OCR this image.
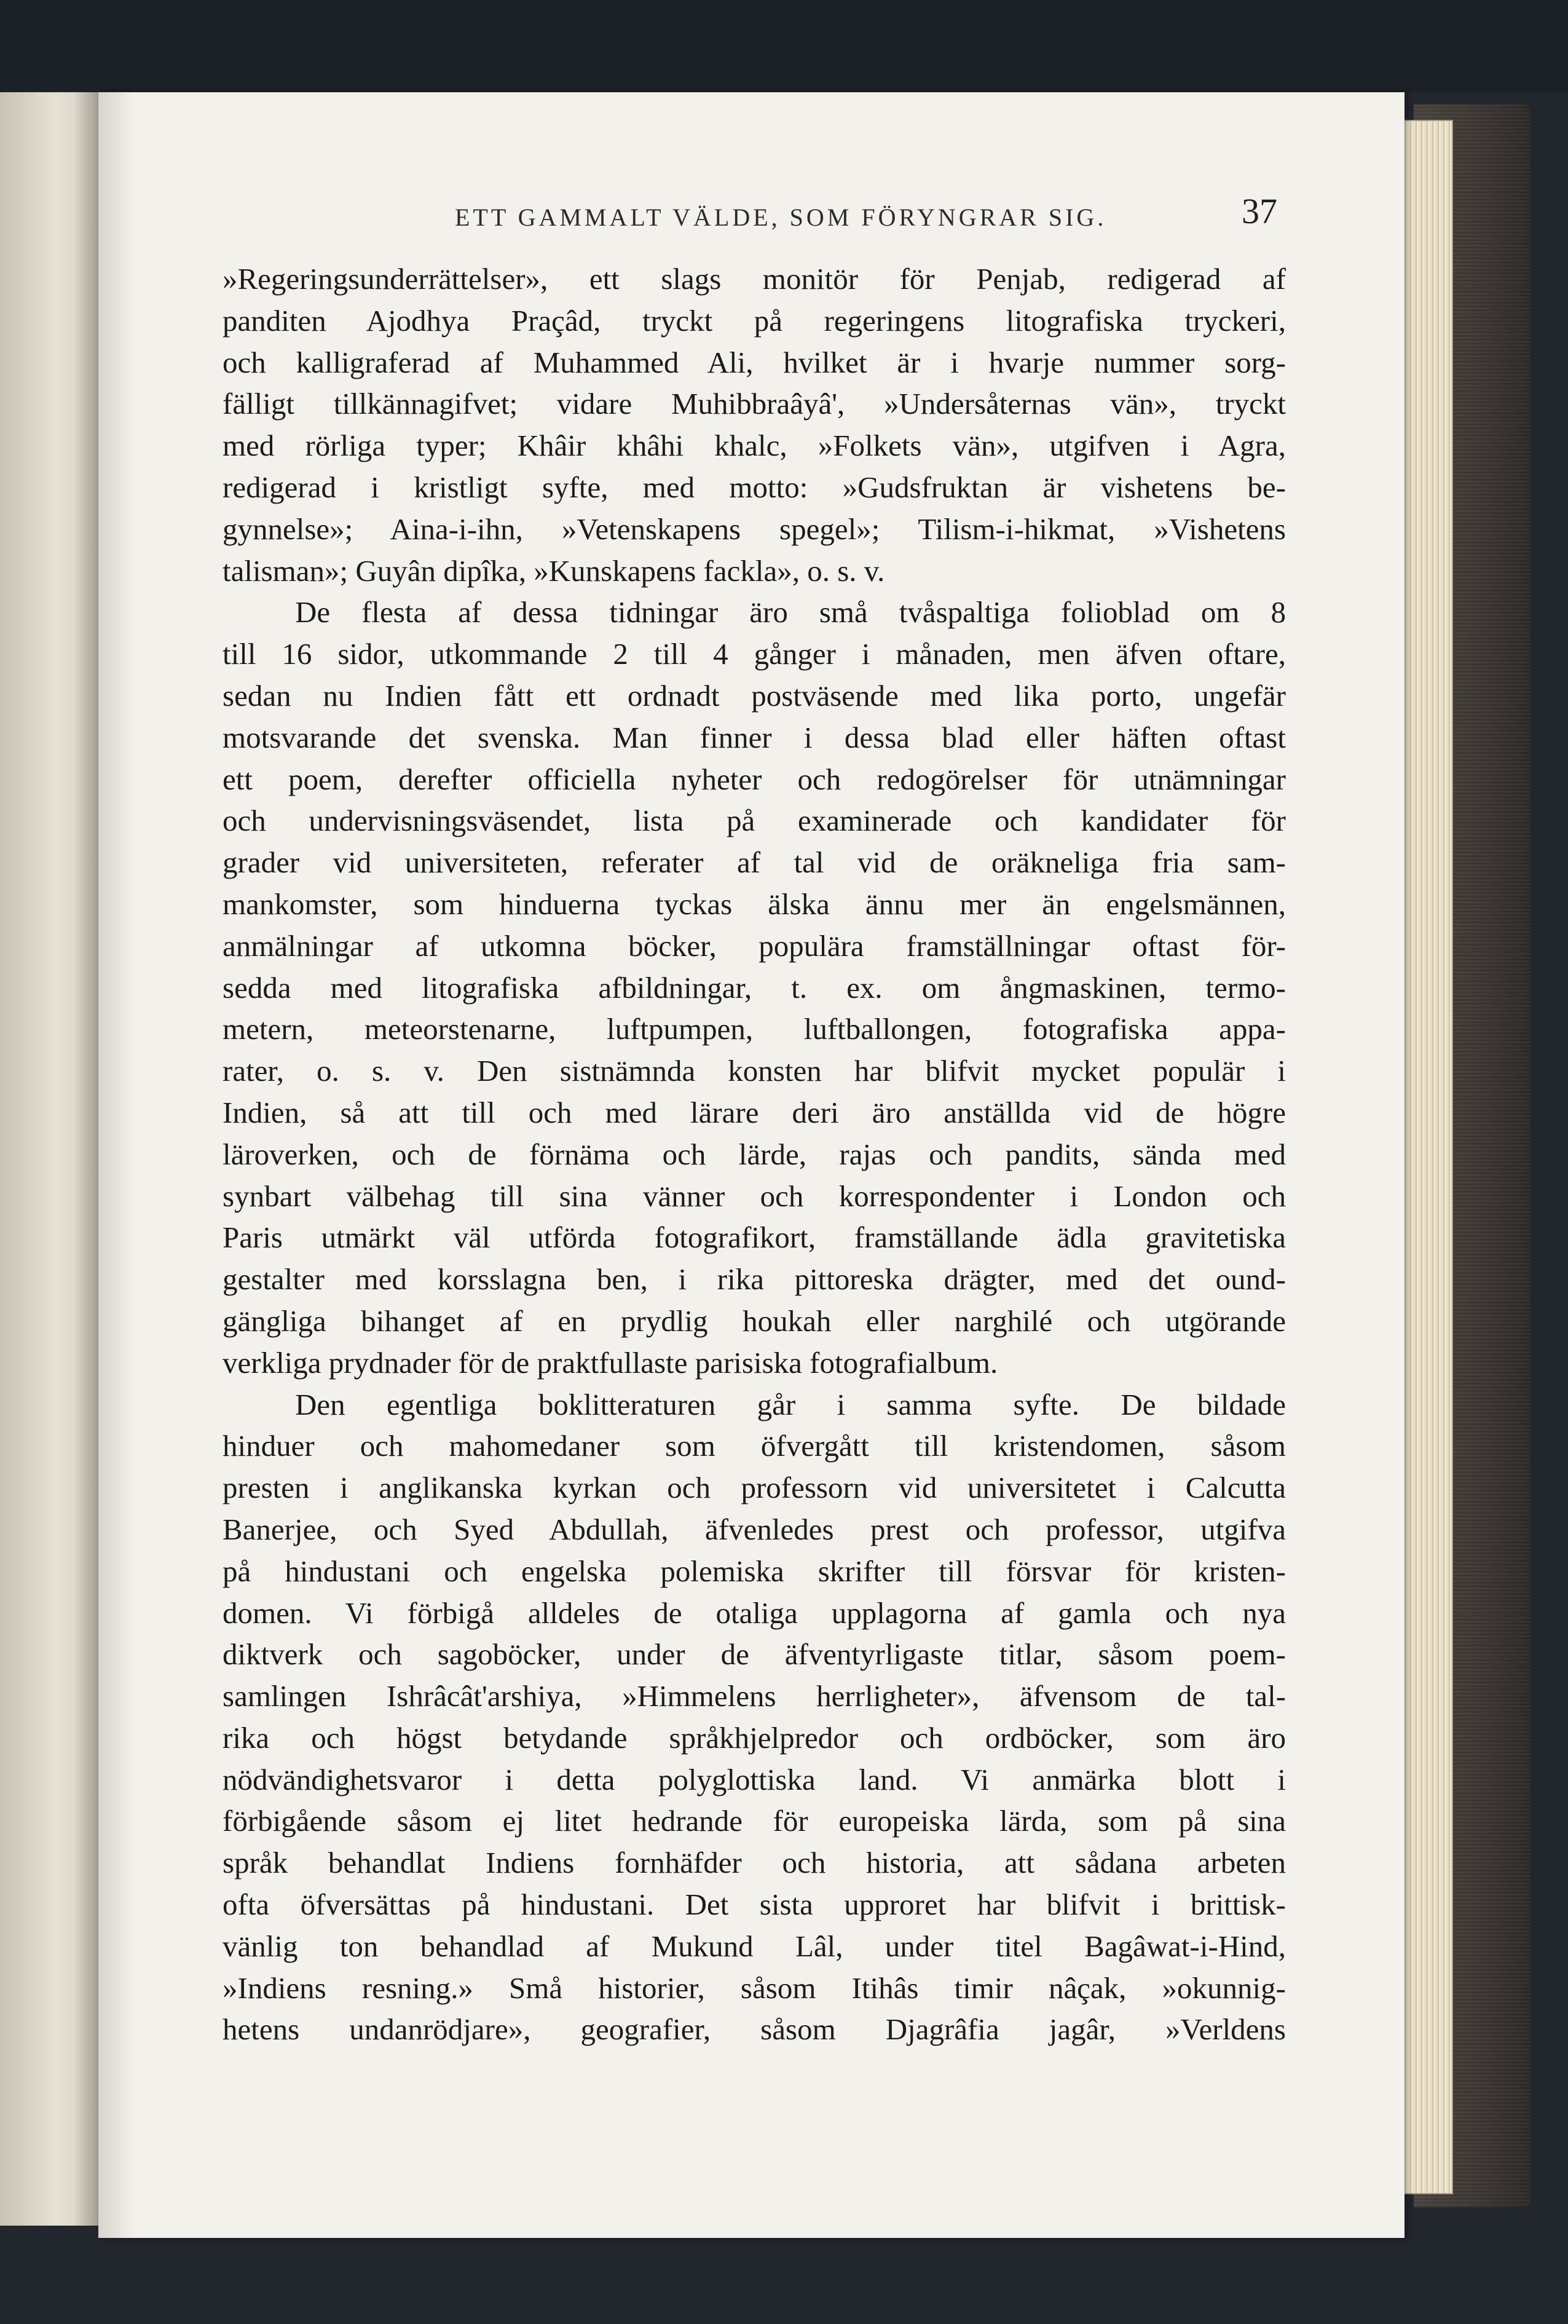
ETT GAMMALT VÄLDE, SOM FÖRYNGRAR SIG.	37
»Regeringsunderrättelser», ett slags monitör för Penjab, redigerad af
panditen Ajodhya Praçâd, tryckt på regeringens litografiska tryckeri,
och kalligraferad af Muhammed Ali, hvilket är i hvarje nummer sorg-
fälligt tillkännagifvet; vidare Muhibbraâyâ', »Undersåternas vän», tryckt
med rörliga typer; Khâir khâhi khalc, »Folkets vän», utgifven i Agra,
redigerad i kristligt syfte, med motto: »Gudsfruktan är vishetens be-
gynnelse»; Aina-i-ihn, »Vetenskapens spegel»; Tilism-i-hikmat, »Vishetens
talisman»; Guyân dipîka, »Kunskapens fackla», o. s. v.
De flesta af dessa tidningar äro små tvåspaltiga folioblad om 8
till 16 sidor, utkommande 2 till 4 gånger i månaden, men äfven oftare,
sedan nu Indien fått ett ordnadt postväsende med lika porto, ungefär
motsvarande det svenska. Man finner i dessa blad eller häften oftast
ett poem, derefter officiella nyheter och redogörelser för utnämningar
och undervisningsväsendet, lista på examinerade och kandidater för
grader vid universiteten, referater af tal vid de oräkneliga fria sam-
mankomster, som hinduerna tyckas älska ännu mer än engelsmännen,
anmälningar af utkomna böcker, populära framställningar oftast för-
sedda med litografiska afbildningar, t. ex. om ångmaskinen, termo-
metern, meteorstenarne, luftpumpen, luftballongen, fotografiska appa-
rater, o. s. v. Den sistnämnda konsten har blifvit mycket populär i
Indien, så att till och med lärare deri äro anställda vid de högre
läroverken, och de förnäma och lärde, rajas och pandits, sända med
synbart välbehag till sina vänner och korrespondenter i London och
Paris utmärkt väl utförda fotografikort, framställande ädla gravitetiska
gestalter med korsslagna ben, i rika pittoreska drägter, med det ound-
gängliga bihanget af en prydlig houkah eller narghilé och utgörande
verkliga prydnader för de praktfullaste parisiska fotografialbum.
Den egentliga boklitteraturen går i samma syfte. De bildade
hinduer och mahomedaner som öfvergått till kristendomen, såsom
presten i anglikanska kyrkan och professorn vid universitetet i Calcutta
Banerjee, och Syed Abdullah, äfvenledes prest och professor, utgifva
på hindustani och engelska polemiska skrifter till försvar för kristen-
domen. Vi förbigå alldeles de otaliga upplagorna af gamla och nya
diktverk och sagoböcker, under de äfventyrligaste titlar, såsom poem-
samlingen Ishrâcât'arshiya, »Himmelens herrligheter», äfvensom de tal-
rika och högst betydande språkhjelpredor och ordböcker, som äro
nödvändighetsvaror i detta polyglottiska land. Vi anmärka blott i
förbigående såsom ej litet hedrande för europeiska lärda, som på sina
språk behandlat Indiens fornhäfder och historia, att sådana arbeten
ofta öfversättas på hindustani. Det sista upproret har blifvit i brittisk-
vänlig ton behandlad af Mukund Lâl, under titel Bagâwat-i-Hind,
»Indiens resning.» Små historier, såsom Itihâs timir nâçak, »okunnig-
hetens undanrödjare», geografier, såsom Djagrâfia jagâr, »Verldens
